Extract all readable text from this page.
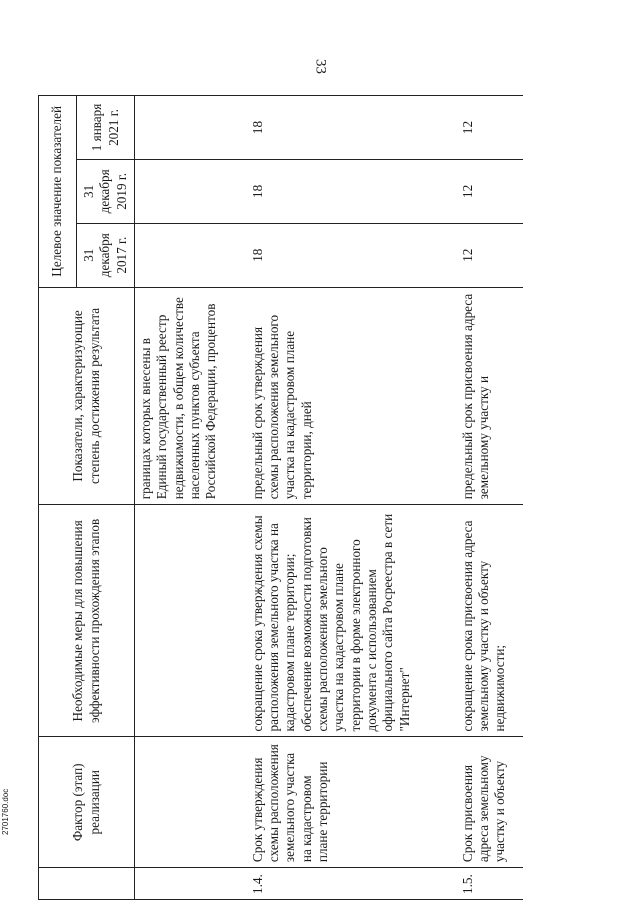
33
2701760.doc
		Фактор (этап) реализации	Необходимые меры для повышения эффективности прохождения этапов	Показатели, характеризующие степень достижения результата	Целевое значение показателей		
				31 декабря 2017 г.	31 декабря 2019 г.	1 января 2021 г.
			границах которых внесены в Единый государственный реестр недвижимости, в общем количестве населенных пунктов субъекта Российской Федерации, процентов			
1.4.	Срок утверждения схемы расположения земельного участка на кадастровом плане территории	сокращение срока утверждения схемы расположения земельного участка на кадастровом плане территории; обеспечение возможности подготовки схемы расположения земельного участка на кадастровом плане территории в форме электронного документа с использованием официального сайта Росреестра в сети "Интернет"	предельный срок утверждения схемы расположения земельного участка на кадастровом плане территории, дней	18	18	18
1.5.	Срок присвоения адреса земельному участку и объекту	сокращение срока присвоения адреса земельному участку и объекту недвижимости;	предельный срок присвоения адреса земельному участку и	12	12	12
